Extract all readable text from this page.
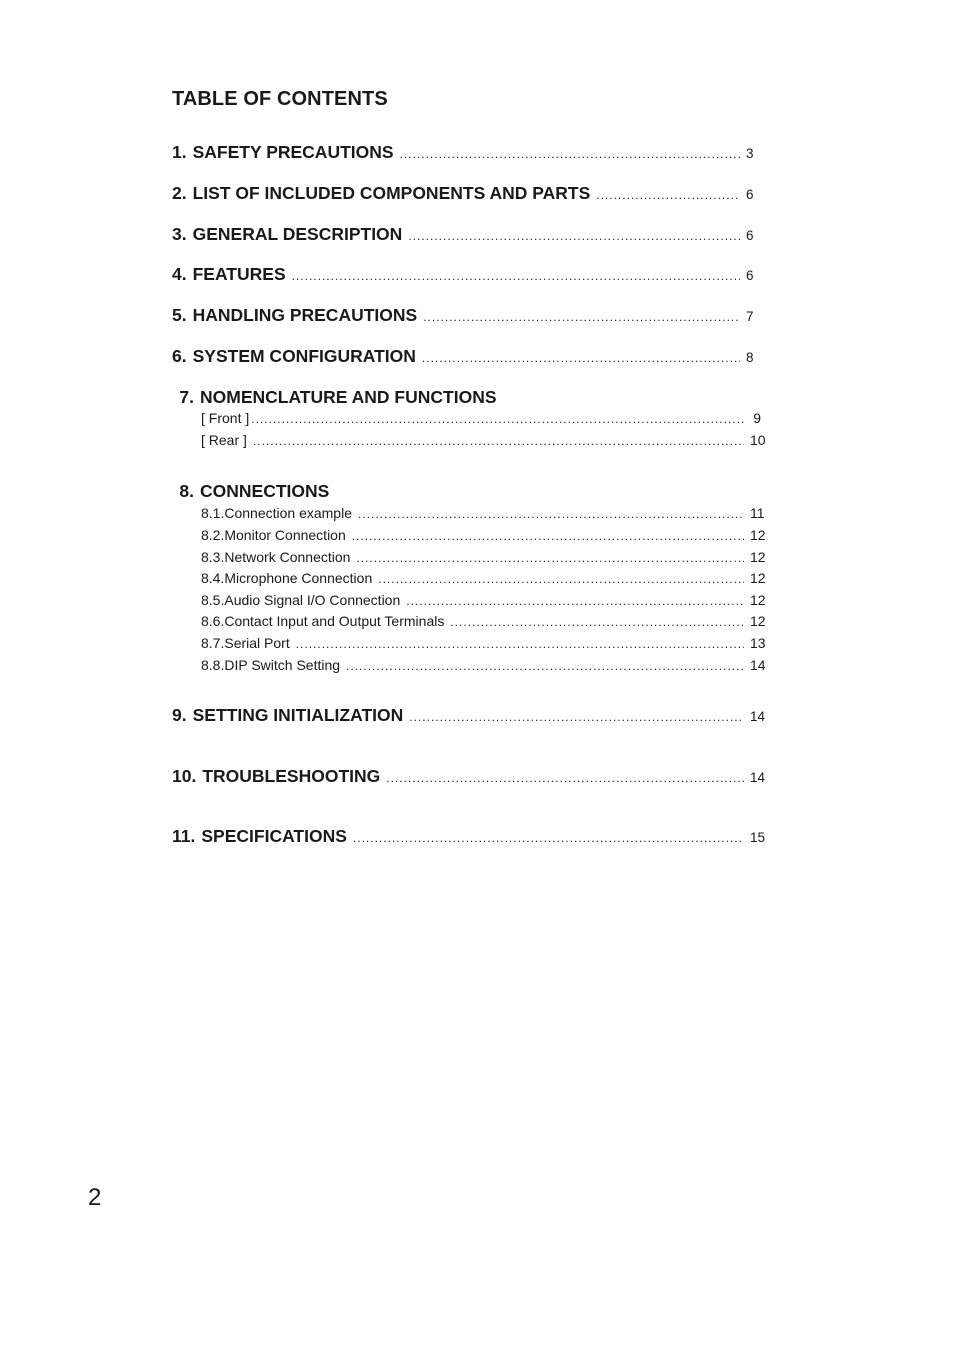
TABLE OF CONTENTS
1. SAFETY PRECAUTIONS .....	3
2. LIST OF INCLUDED COMPONENTS AND PARTS .....	6
3. GENERAL DESCRIPTION .....	6
4. FEATURES .....	6
5. HANDLING PRECAUTIONS .....	7
6. SYSTEM CONFIGURATION .....	8
7. NOMENCLATURE AND FUNCTIONS
[ Front ] .....	9
[ Rear ] .....	10
8. CONNECTIONS
8.1. Connection example .....	11
8.2. Monitor Connection .....	12
8.3. Network Connection .....	12
8.4. Microphone Connection .....	12
8.5. Audio Signal I/O Connection .....	12
8.6. Contact Input and Output Terminals .....	12
8.7. Serial Port .....	13
8.8. DIP Switch Setting .....	14
9. SETTING INITIALIZATION .....	14
10. TROUBLESHOOTING .....	14
11. SPECIFICATIONS .....	15
2
